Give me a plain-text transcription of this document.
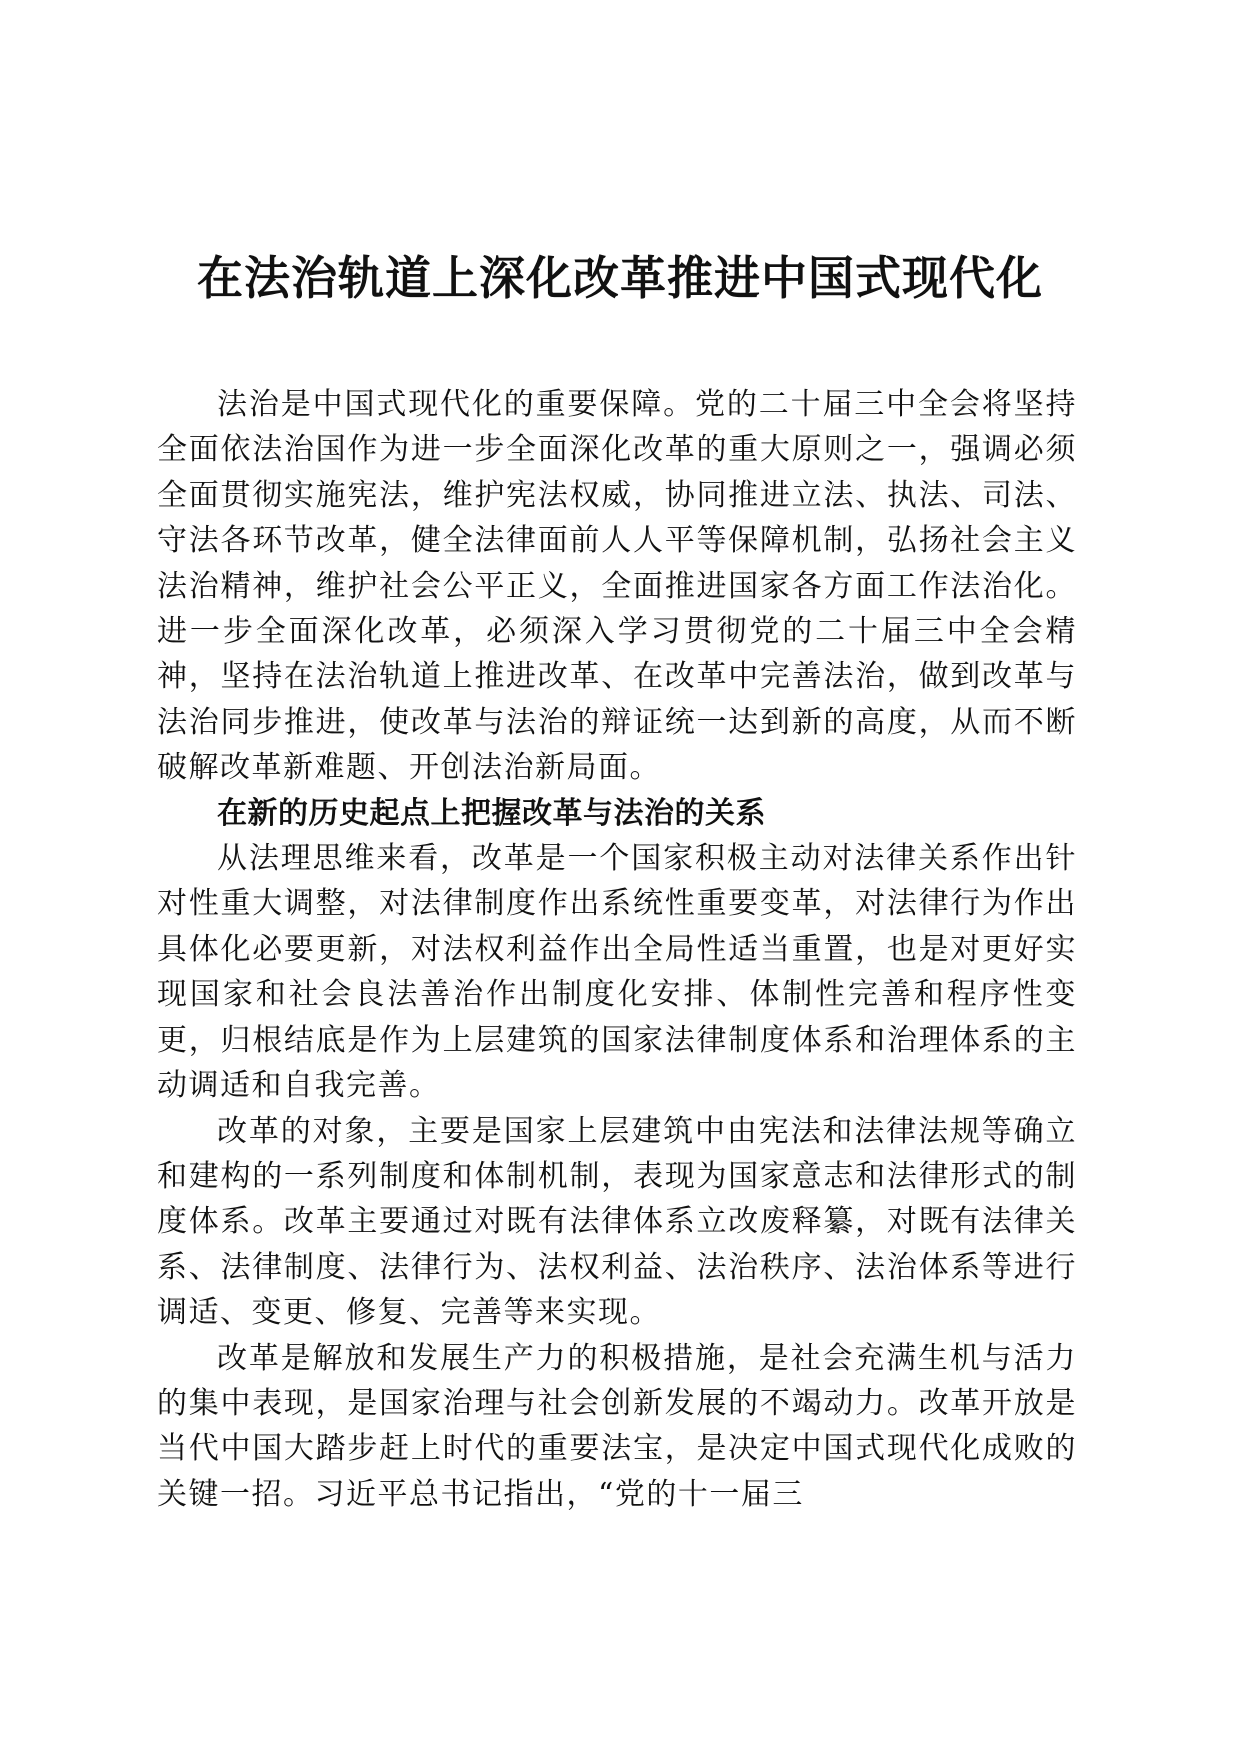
在法治轨道上深化改革推进中国式现代化

法治是中国式现代化的重要保障。党的二十届三中全会将坚持全面依法治国作为进一步全面深化改革的重大原则之一，强调必须全面贯彻实施宪法，维护宪法权威，协同推进立法、执法、司法、守法各环节改革，健全法律面前人人平等保障机制，弘扬社会主义法治精神，维护社会公平正义，全面推进国家各方面工作法治化。进一步全面深化改革，必须深入学习贯彻党的二十届三中全会精神，坚持在法治轨道上推进改革、在改革中完善法治，做到改革与法治同步推进，使改革与法治的辩证统一达到新的高度，从而不断破解改革新难题、开创法治新局面。

在新的历史起点上把握改革与法治的关系

从法理思维来看，改革是一个国家积极主动对法律关系作出针对性重大调整，对法律制度作出系统性重要变革，对法律行为作出具体化必要更新，对法权利益作出全局性适当重置，也是对更好实现国家和社会良法善治作出制度化安排、体制性完善和程序性变更，归根结底是作为上层建筑的国家法律制度体系和治理体系的主动调适和自我完善。

改革的对象，主要是国家上层建筑中由宪法和法律法规等确立和建构的一系列制度和体制机制，表现为国家意志和法律形式的制度体系。改革主要通过对既有法律体系立改废释纂，对既有法律关系、法律制度、法律行为、法权利益、法治秩序、法治体系等进行调适、变更、修复、完善等来实现。

改革是解放和发展生产力的积极措施，是社会充满生机与活力的集中表现，是国家治理与社会创新发展的不竭动力。改革开放是当代中国大踏步赶上时代的重要法宝，是决定中国式现代化成败的关键一招。习近平总书记指出，“党的十一届三
